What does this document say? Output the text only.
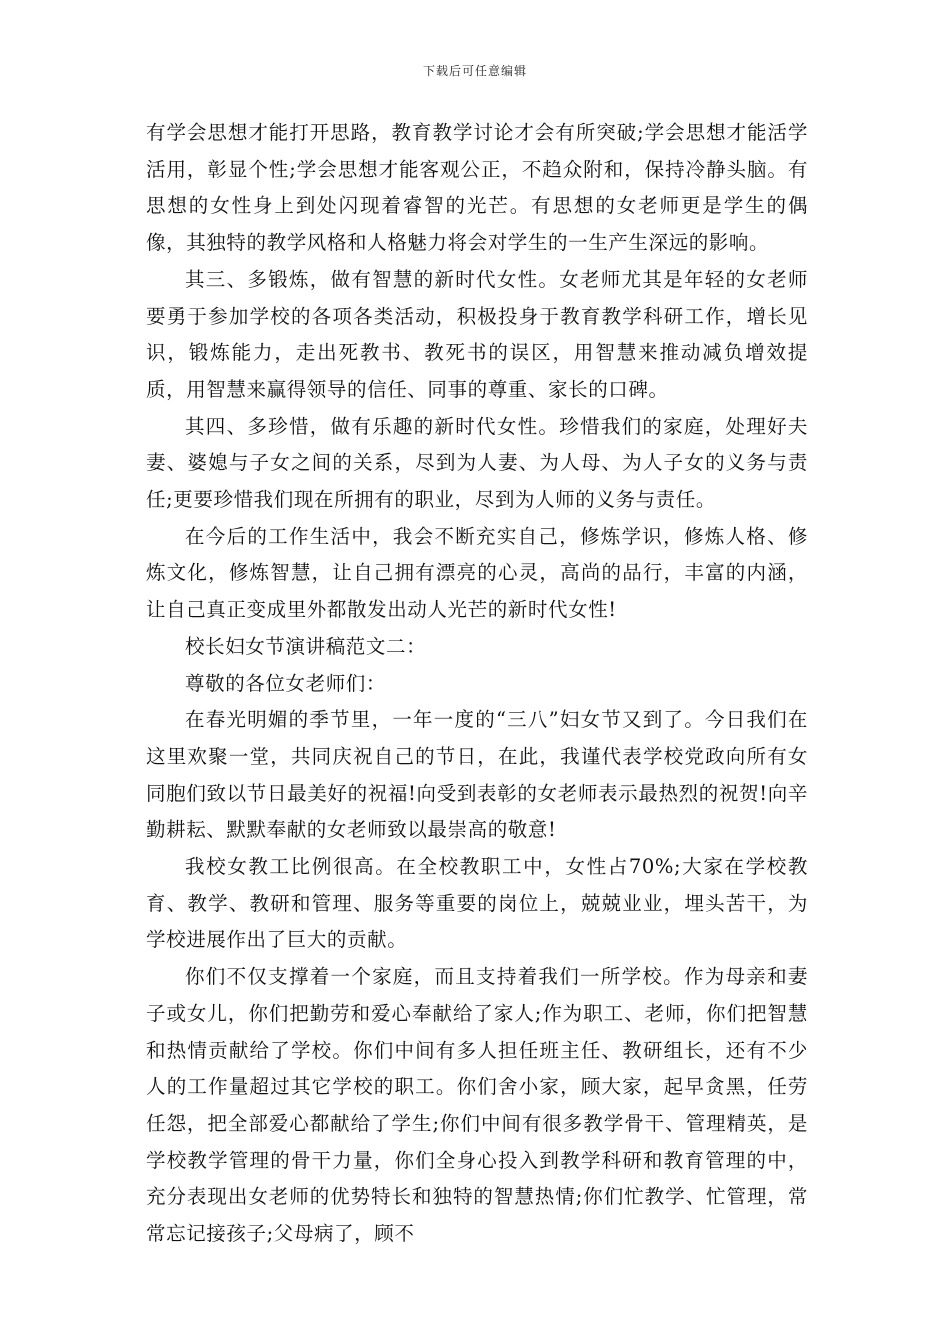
下载后可任意编辑

有学会思想才能打开思路，教育教学讨论才会有所突破;学会思想才能活学活用，彰显个性;学会思想才能客观公正，不趋众附和，保持冷静头脑。有思想的女性身上到处闪现着睿智的光芒。有思想的女老师更是学生的偶像，其独特的教学风格和人格魅力将会对学生的一生产生深远的影响。

其三、多锻炼，做有智慧的新时代女性。女老师尤其是年轻的女老师要勇于参加学校的各项各类活动，积极投身于教育教学科研工作，增长见识，锻炼能力，走出死教书、教死书的误区，用智慧来推动减负增效提质，用智慧来赢得领导的信任、同事的尊重、家长的口碑。

其四、多珍惜，做有乐趣的新时代女性。珍惜我们的家庭，处理好夫妻、婆媳与子女之间的关系，尽到为人妻、为人母、为人子女的义务与责任;更要珍惜我们现在所拥有的职业，尽到为人师的义务与责任。

在今后的工作生活中，我会不断充实自己，修炼学识，修炼人格、修炼文化，修炼智慧，让自己拥有漂亮的心灵，高尚的品行，丰富的内涵，让自己真正变成里外都散发出动人光芒的新时代女性!

校长妇女节演讲稿范文二：

尊敬的各位女老师们：

在春光明媚的季节里，一年一度的“三八”妇女节又到了。今日我们在这里欢聚一堂，共同庆祝自己的节日，在此，我谨代表学校党政向所有女同胞们致以节日最美好的祝福!向受到表彰的女老师表示最热烈的祝贺!向辛勤耕耘、默默奉献的女老师致以最崇高的敬意!

我校女教工比例很高。在全校教职工中，女性占70%;大家在学校教育、教学、教研和管理、服务等重要的岗位上，兢兢业业，埋头苦干，为学校进展作出了巨大的贡献。

你们不仅支撑着一个家庭，而且支持着我们一所学校。作为母亲和妻子或女儿，你们把勤劳和爱心奉献给了家人;作为职工、老师，你们把智慧和热情贡献给了学校。你们中间有多人担任班主任、教研组长，还有不少人的工作量超过其它学校的职工。你们舍小家，顾大家，起早贪黑，任劳任怨，把全部爱心都献给了学生;你们中间有很多教学骨干、管理精英，是学校教学管理的骨干力量，你们全身心投入到教学科研和教育管理的中，充分表现出女老师的优势特长和独特的智慧热情;你们忙教学、忙管理，常常忘记接孩子;父母病了，顾不
